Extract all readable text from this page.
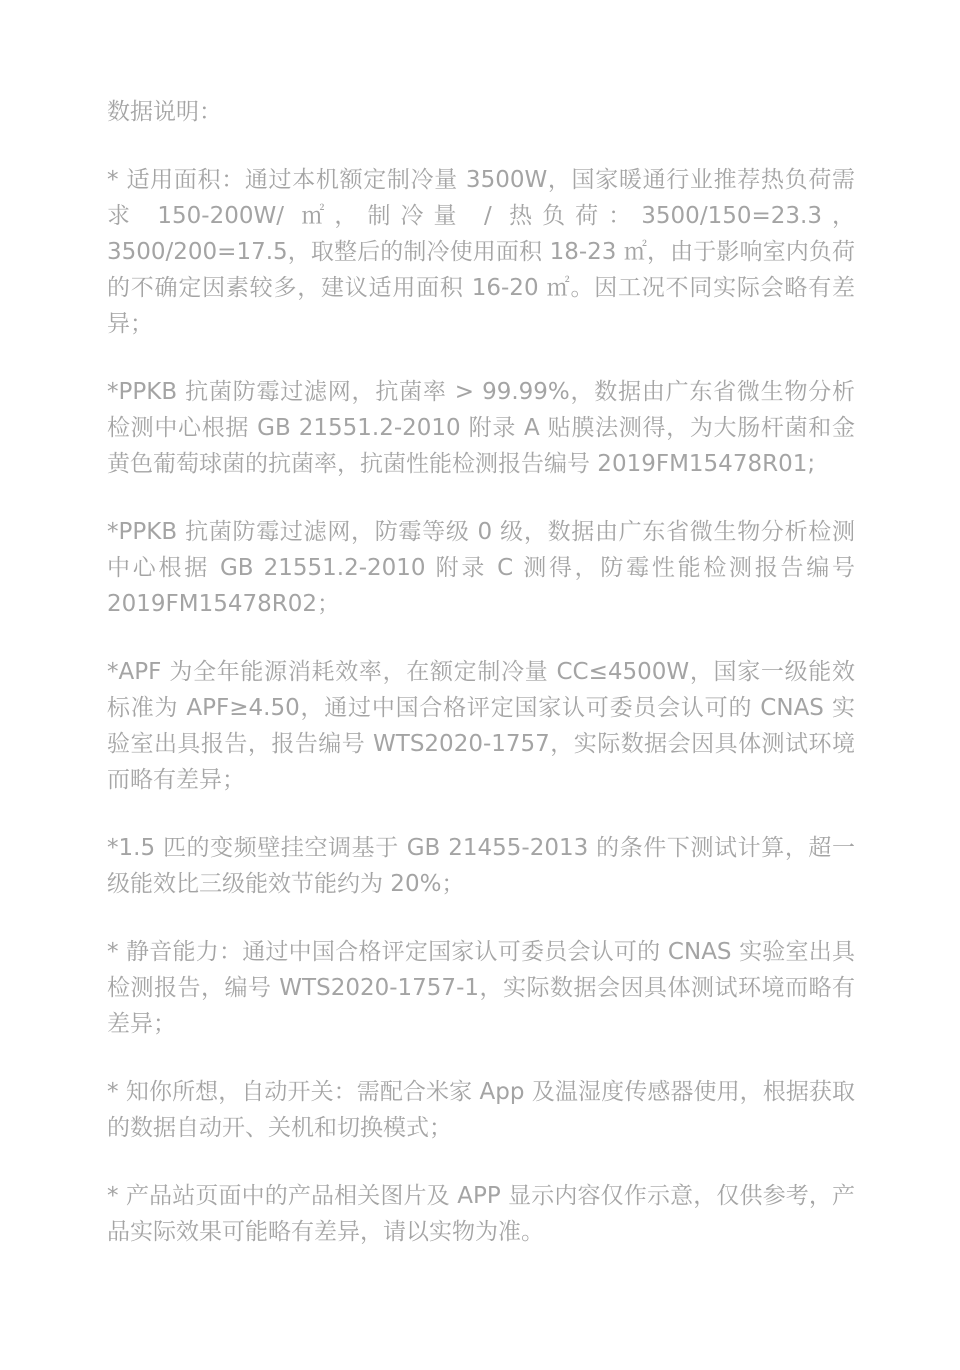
数据说明：

* 适用面积：通过本机额定制冷量 3500W，国家暖通行业推荐热负荷需求 150-200W/ ㎡，制冷量 / 热负荷：3500/150=23.3，3500/200=17.5，取整后的制冷使用面积 18-23 ㎡，由于影响室内负荷的不确定因素较多，建议适用面积 16-20 ㎡。因工况不同实际会略有差异；

*PPKB 抗菌防霉过滤网，抗菌率 > 99.99%，数据由广东省微生物分析检测中心根据 GB 21551.2-2010 附录 A 贴膜法测得，为大肠杆菌和金黄色葡萄球菌的抗菌率，抗菌性能检测报告编号 2019FM15478R01;

*PPKB 抗菌防霉过滤网，防霉等级 0 级，数据由广东省微生物分析检测中心根据 GB 21551.2-2010 附录 C 测得，防霉性能检测报告编号 2019FM15478R02；

*APF 为全年能源消耗效率，在额定制冷量 CC≤4500W，国家一级能效标准为 APF≥4.50，通过中国合格评定国家认可委员会认可的 CNAS 实验室出具报告，报告编号 WTS2020-1757，实际数据会因具体测试环境而略有差异；

*1.5 匹的变频壁挂空调基于 GB 21455-2013 的条件下测试计算，超一级能效比三级能效节能约为 20%；

* 静音能力：通过中国合格评定国家认可委员会认可的 CNAS 实验室出具检测报告，编号 WTS2020-1757-1，实际数据会因具体测试环境而略有差异；

* 知你所想，自动开关：需配合米家 App 及温湿度传感器使用，根据获取的数据自动开、关机和切换模式；

* 产品站页面中的产品相关图片及 APP 显示内容仅作示意，仅供参考，产品实际效果可能略有差异，请以实物为准。
